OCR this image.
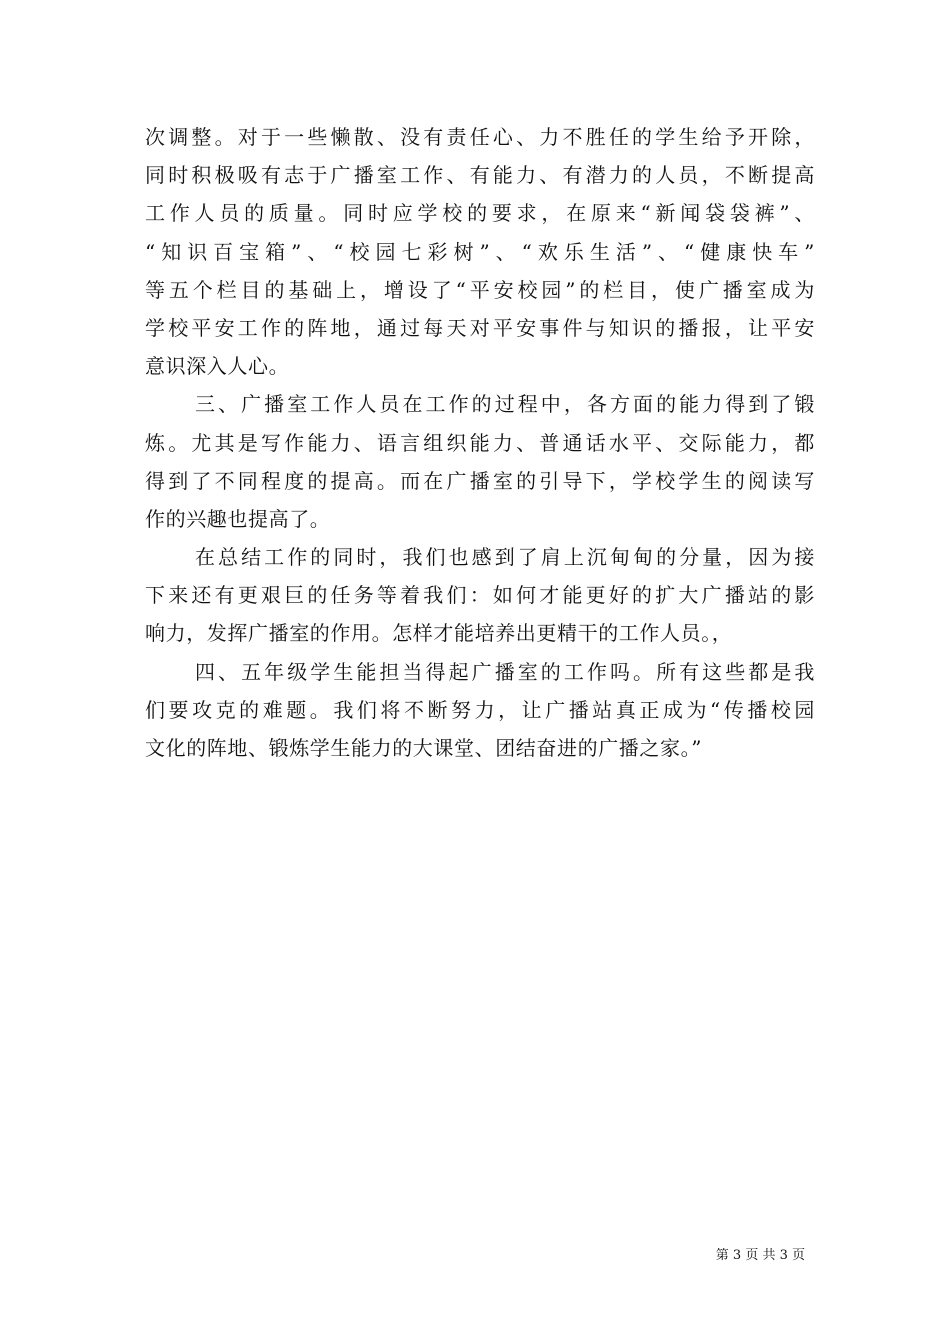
次调整。对于一些懒散、没有责任心、力不胜任的学生给予开除，
同时积极吸有志于广播室工作、有能力、有潜力的人员，不断提高
工作人员的质量。同时应学校的要求，在原来“新闻袋袋裤”、
“知识百宝箱”、“校园七彩树”、“欢乐生活”、“健康快车”
等五个栏目的基础上，增设了“平安校园”的栏目，使广播室成为
学校平安工作的阵地，通过每天对平安事件与知识的播报，让平安
意识深入人心。
三、广播室工作人员在工作的过程中，各方面的能力得到了锻
炼。尤其是写作能力、语言组织能力、普通话水平、交际能力，都
得到了不同程度的提高。而在广播室的引导下，学校学生的阅读写
作的兴趣也提高了。
在总结工作的同时，我们也感到了肩上沉甸甸的分量，因为接
下来还有更艰巨的任务等着我们：如何才能更好的扩大广播站的影
响力，发挥广播室的作用。怎样才能培养出更精干的工作人员。，
四、五年级学生能担当得起广播室的工作吗。所有这些都是我
们要攻克的难题。我们将不断努力，让广播站真正成为“传播校园
文化的阵地、锻炼学生能力的大课堂、团结奋进的广播之家。”
第 3 页 共 3 页
